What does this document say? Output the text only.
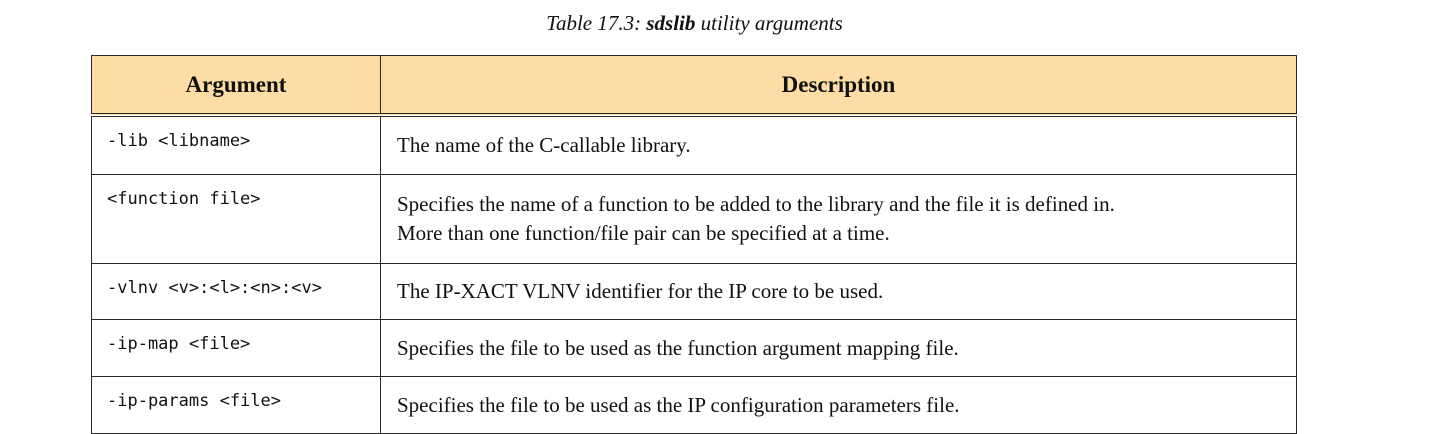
Table 17.3: sdslib utility arguments
Argument	Description
-lib <libname>	The name of the C-callable library.

<function file>	Specifies the name of a function to be added to the library and the file it is defined in.
More than one function/file pair can be specified at a time.

-vlnv <v>:<l>:<n>:<v>	The IP-XACT VLNV identifier for the IP core to be used.

-ip-map <file>	Specifies the file to be used as the function argument mapping file.

-ip-params <file>	Specifies the file to be used as the IP configuration parameters file.
